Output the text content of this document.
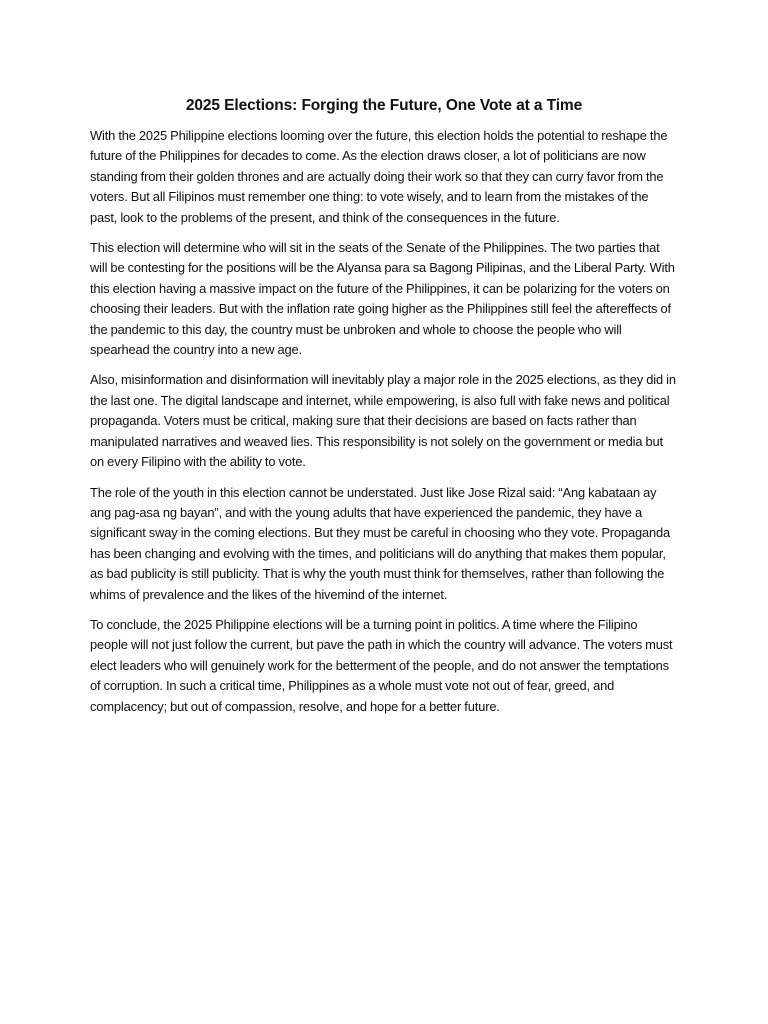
2025 Elections: Forging the Future, One Vote at a Time

With the 2025 Philippine elections looming over the future, this election holds the potential to reshape the future of the Philippines for decades to come. As the election draws closer, a lot of politicians are now standing from their golden thrones and are actually doing their work so that they can curry favor from the voters. But all Filipinos must remember one thing: to vote wisely, and to learn from the mistakes of the past, look to the problems of the present, and think of the consequences in the future.

This election will determine who will sit in the seats of the Senate of the Philippines. The two parties that will be contesting for the positions will be the Alyansa para sa Bagong Pilipinas, and the Liberal Party. With this election having a massive impact on the future of the Philippines, it can be polarizing for the voters on choosing their leaders. But with the inflation rate going higher as the Philippines still feel the aftereffects of the pandemic to this day, the country must be unbroken and whole to choose the people who will spearhead the country into a new age.

Also, misinformation and disinformation will inevitably play a major role in the 2025 elections, as they did in the last one. The digital landscape and internet, while empowering, is also full with fake news and political propaganda. Voters must be critical, making sure that their decisions are based on facts rather than manipulated narratives and weaved lies. This responsibility is not solely on the government or media but on every Filipino with the ability to vote.

The role of the youth in this election cannot be understated. Just like Jose Rizal said: “Ang kabataan ay ang pag-asa ng bayan”, and with the young adults that have experienced the pandemic, they have a significant sway in the coming elections. But they must be careful in choosing who they vote. Propaganda has been changing and evolving with the times, and politicians will do anything that makes them popular, as bad publicity is still publicity. That is why the youth must think for themselves, rather than following the whims of prevalence and the likes of the hivemind of the internet.

To conclude, the 2025 Philippine elections will be a turning point in politics. A time where the Filipino people will not just follow the current, but pave the path in which the country will advance. The voters must elect leaders who will genuinely work for the betterment of the people, and do not answer the temptations of corruption. In such a critical time, Philippines as a whole must vote not out of fear, greed, and complacency; but out of compassion, resolve, and hope for a better future.
